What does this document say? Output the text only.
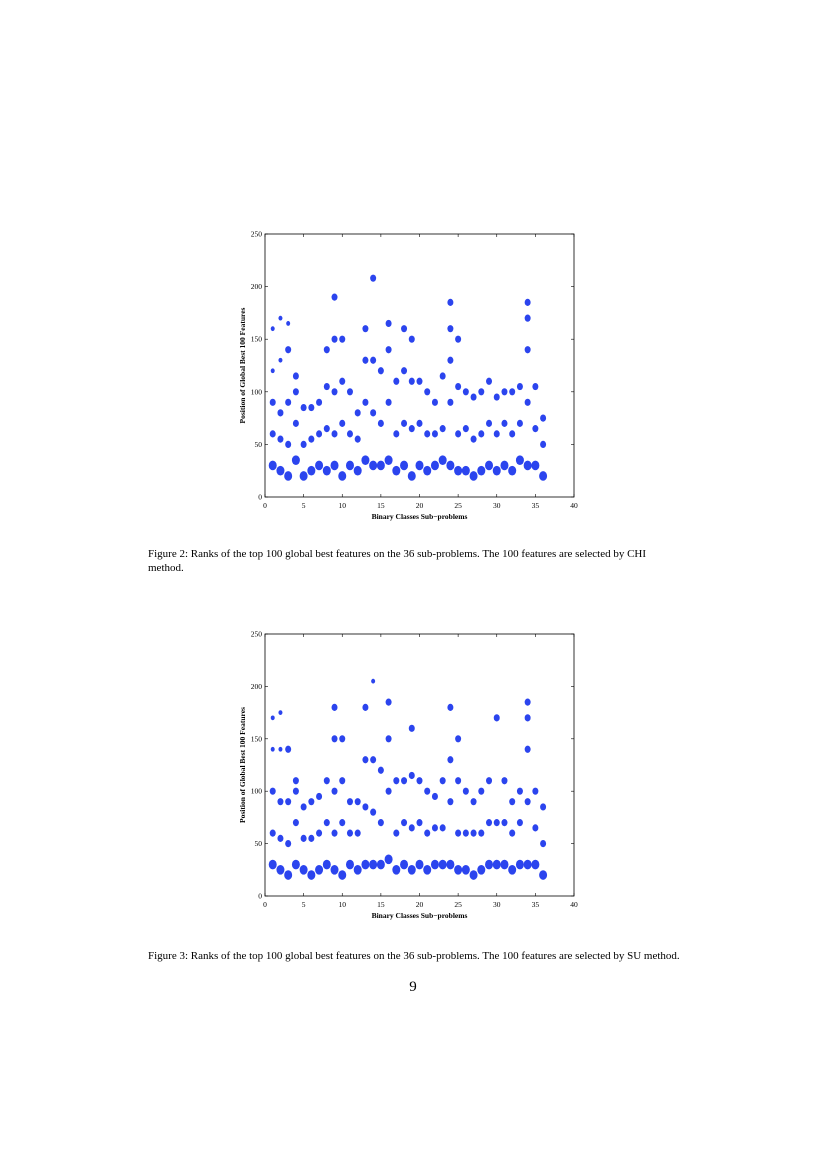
0	5	10	15	20	25	30	35	40
0
50
100
150
200
250
Binary Classes Sub−problems
Position of Global Best 100 Features
Figure 2: Ranks of the top 100 global best features on the 36 sub-problems. The 100 features are selected by CHI method.
0	5	10	15	20	25	30	35	40
0
50
100
150
200
250
Binary Classes Sub−problems
Position of Global Best 100 Features
Figure 3: Ranks of the top 100 global best features on the 36 sub-problems. The 100 features are selected by SU method.
9
